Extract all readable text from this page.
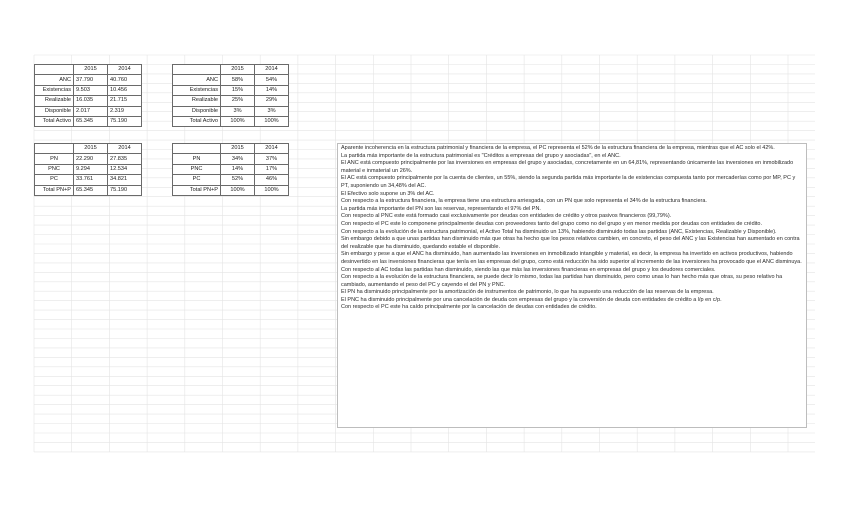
	2015	2014
ANC	37.790	40.760
Existencias	9.503	10.456
Realizable	16.035	21.715
Disponible	2.017	2.319
Total Activo	65.345	75.190
	2015	2014
ANC	58%	54%
Existencias	15%	14%
Realizable	25%	29%
Disponible	3%	3%
Total Activo	100%	100%
	2015	2014
PN	22.290	27.835
PNC	9.294	12.534
PC	33.761	34.821
Total PN+P	65.345	75.190
	2015	2014
PN	34%	37%
PNC	14%	17%
PC	52%	46%
Total PN+P	100%	100%

Aparente incoherencia en la estructura patrimonial y financiera de la empresa, el PC representa el 52% de la estructura financiera de la empresa, mientras que el AC solo el 42%.

La partida más importante de la estructura patrimonial es "Créditos a empresas del grupo y asociadas", en el ANC.

El ANC está compuesto principalmente por las inversiones en empresas del grupo y asociadas, concretamente en un 64,81%, representando únicamente las inversiones en inmobilizado material e inmaterial un 26%.

El AC está compuesto principalmente por la cuenta de clientes, un 55%, siendo la segunda partida más importante la de existencias compuesta tanto por mercaderías como por MP, PC y PT, suponiendo un 34,48% del AC.

El Efectivo solo supone un 3% del AC.

Con respecto a la estructura financiera, la empresa tiene una estructura arriesgada, con un PN que solo representa el 34% de la estructura financiera.

La partida más importante del PN son las reservas, representando el 97% del PN.

Con respecto al PNC este está formado casi exclusivamente por deudas con entidades de crédito y otros pasivos financieros (99,79%).

Con respecto el PC este lo componene principalmente deudas con proveedores tanto del grupo como no del grupo y en menor medida por deudas con entidades de crédito.

Con respecto a la evolución de la estructura patrimonial, el Activo Total ha disminuido un 13%, habiendo disminuido todas las partidas (ANC, Existencias, Realizable y Disponible).

Sin embargo debido a que unas partidas han disminuido más que otras ha hecho que los pesos relativos cambien, en concreto, el peso del ANC y las Existencias han aumentado en contra del realizable que ha disminuido, quedando estable el disponible.

Sin embargo y pese a que el ANC ha disminuido, han aumentado las inversiones en inmobilizado intangible y material, es decir, la empresa ha invertido en activos productivos, habiendo desinvertido en las inversiones financieras que tenía en las empresas del grupo, como está reducción ha sido superior al incremento de las inversiones ha provocado que el ANC disminuya.

Con respecto al AC todas las partidas han disminuido, siendo las que más las inversiones financieras en empresas del grupo y los deudores comerciales.

Con respecto a la evolución de la estructura financiera, se puede decir lo mismo, todas las partidas han disminuido, pero como unas lo han hecho más que otras, su peso relativo ha cambiado, aumentando el peso del PC y cayendo el del PN y PNC.

El PN ha disminuido principalmente por la amortización de instrumentos de patrimonio, lo que ha supuesto una reducción de las reservas de la empresa.

El PNC ha disminuido principalmente por una cancelación de deuda con empresas del grupo y la conversión de deuda con entidades de crédito a l/p en c/p.

Con respecto el PC este ha caído principalmente por la cancelación de deudas con entidades de crédito.
